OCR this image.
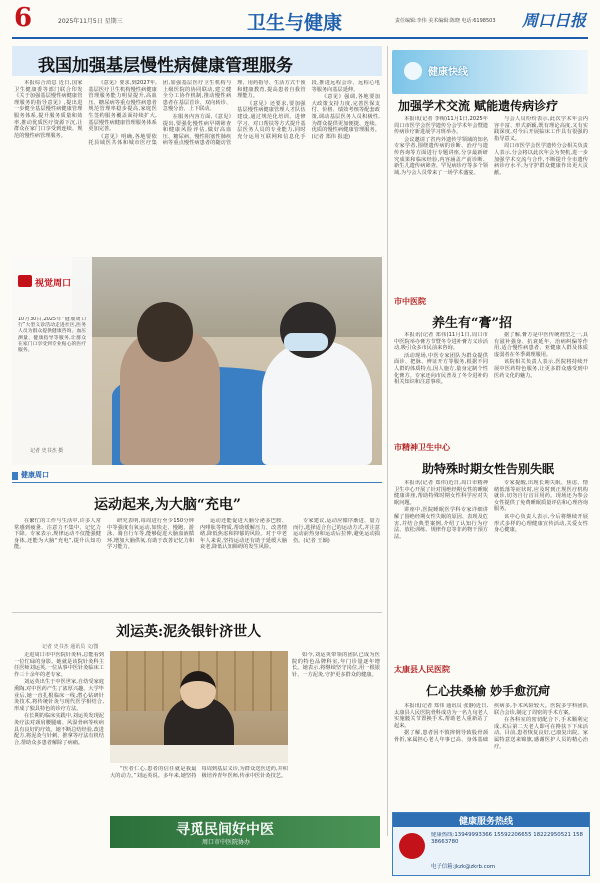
6	2025年11月5日 星期三	卫生与健康	责任编辑:李伟 美术编辑:陈晓 电话:6198503 周口日报
我国加强基层慢性病健康管理服务

本报综合消息 近日,国家卫生健康委等部门联合印发《关于加强基层慢性病健康管理服务的指导意见》,提出进一步健全基层慢性病健康管理服务体系,提升服务质量和效率,推动优质医疗资源下沉,让群众在家门口享受到连续、规范的慢性病管理服务。

《意见》要求,到2027年,基层医疗卫生机构慢性病健康管理服务能力明显提升,高血压、糖尿病等重点慢性病患者规范管理率稳步提高,家庭医生签约服务覆盖面持续扩大,基层慢性病健康管理服务体系更加完善。

《意见》明确,各地要依托县域医共体和城市医疗集团,加强基层医疗卫生机构与上级医院的协同联动,建立健全分工协作机制,推动慢性病患者在基层首诊、双向转诊、急慢分治、上下联动。

在服务内容方面,《意见》提出,要强化慢性病早期筛查和健康风险评估,做好高血压、糖尿病、慢性阻塞性肺疾病等重点慢性病患者的随访管理、用药指导、生活方式干预和健康教育,提高患者自我管理能力。

《意见》还要求,要加强基层慢性病健康管理人才队伍建设,通过规范化培训、进修学习、对口帮扶等方式提升基层医务人员的专业能力,同时充分运用互联网和信息化手段,推进远程会诊、远程心电等服务向基层延伸。

《意见》强调,各地要加大政策支持力度,完善医保支付、价格、绩效考核等配套政策,调动基层医务人员积极性,为群众提供更加便捷、连续、优质的慢性病健康管理服务。(记者 郑伟 报道)

视觉周口
10月30日,2025年“健康周口行”大型义诊活动走进社区,医务人员为群众提供健康咨询、血压测量、健康指导等服务,让群众在家门口享受到专业贴心的医疗服务。
记者 史书杰 摄
健康快线
加强学术交流 赋能遗传病诊疗

本报讯(记者 李梅)11月1日,2025年周口市医学会医学遗传分会学术年会暨遗传病诊疗新进展学习班举办。

会议邀请了省内外遗传学领域的知名专家学者,围绕遗传病的诊断、治疗与遗传咨询等方面进行专题讲座,分享最新研究成果和临床经验,内容涵盖产前诊断、新生儿遗传病筛查、罕见病诊疗等多个领域,为与会人员带来了一场学术盛宴。

与会人员纷纷表示,此次学术年会内容丰富、形式新颖,既有理论高度,又有实践深度,对今后开展临床工作具有很强的指导意义。

周口市医学会医学遗传分会相关负责人表示,分会将以此次年会为契机,进一步加强学术交流与合作,不断提升全市遗传病诊疗水平,为守护群众健康作出更大贡献。

市中医院
养生有“膏”招

本报讯(记者 郑伟)11月1日,周口市中医院举办膏方节暨冬令进补膏方义诊活动,吸引众多市民前来咨询。

活动现场,中医专家团队为群众提供面诊、把脉、辨证开方等服务,根据不同人群的体质特点,因人施方,量身定制个性化膏方。专家还向市民普及了冬令进补的相关知识和注意事项。

据了解,膏方是中医传统剂型之一,具有滋补强身、抗衰延年、治病纠偏等作用,适合慢性病患者、亚健康人群及体质虚弱者在冬季调理服用。

该院相关负责人表示,医院将持续开展中医药特色服务,让更多群众感受到中医药文化的魅力。

市精神卫生中心
助特殊时期女性告别失眠

本报讯(记者 郑伟)近日,周口市精神卫生中心开展了针对围绝经期女性的睡眠健康讲座,帮助特殊时期女性科学应对失眠问题。

讲座中,医院睡眠医学科专家详细讲解了围绝经期女性失眠的原因、表现及危害,并结合典型案例,介绍了认知行为疗法、放松训练、规律作息等非药物干预方法。

专家提醒,出现长期失眠、焦虑、情绪低落等症状时,应及时到正规医疗机构就诊,切勿自行盲目用药。现场还为参会女性提供了免费睡眠质量评估和心理咨询服务。

该中心负责人表示,今后将继续开展形式多样的心理健康宣传活动,关爱女性身心健康。

太康县人民医院
仁心扶桑榆 妙手愈沉疴

本报讯(记者 郑伟 通讯员 张静)近日,太康县人民医院骨科成功为一名九旬老人实施髋关节置换手术,帮助老人重新站了起来。

据了解,患者因不慎摔倒导致股骨颈骨折,家属担心老人年事已高、身体基础疾病多,手术风险较大。医院多学科团队联合会诊,制定了周密的手术方案。

在各科室的密切配合下,手术顺利完成,术后第二天老人即可在搀扶下下床活动。目前,患者恢复良好,已康复出院。家属特意送来锦旗,感谢医护人员的精心治疗。

健康服务热线
健康热线:13949993366 15592206655 18222950521 15838663780
电子信箱:jkzk@zkrb.com
健康周口
运动起来,为大脑“充电”

在繁忙的工作与生活中,许多人常常感到疲惫、注意力不集中、记忆力下降。专家表示,规律运动不仅能强健身体,还能为大脑“充电”,提升认知功能。

研究表明,每周进行至少150分钟中等强度有氧运动,如快走、慢跑、游泳、骑自行车等,能够促进大脑血液循环,增加大脑供氧,有助于改善记忆力和学习能力。

运动还能促进大脑分泌多巴胺、内啡肽等物质,帮助缓解压力、改善情绪,降低焦虑和抑郁的风险。对于中老年人来说,坚持运动还有助于延缓大脑衰老,降低认知障碍的发生风险。

专家建议,运动应循序渐进、量力而行,选择适合自己的运动方式,并注意运动前热身和运动后拉伸,避免运动损伤。(记者 王颖)

刘运英:泥灸银针济世人
记者 史书杰 通讯员 文/图

走进周口市中医院针灸科,总能看到一位忙碌的身影。她就是该院针灸科主任医师刘运英,一位从事中医针灸临床工作三十余年的老专家。

刘运英出生于中医世家,自幼受家庭熏陶,对中医药产生了浓厚兴趣。大学毕业后,她一直扎根临床一线,潜心钻研针灸技术,将传统针灸与现代医学相结合,形成了独具特色的诊疗方法。

在长期的临床实践中,刘运英发现泥灸疗法对颈肩腰腿痛、风湿骨病等疾病具有良好的疗效。她不断总结经验,改进配方,将泥灸与针刺、推拿等疗法有机结合,帮助众多患者解除了病痛。

“医者仁心,患者的信任就是我最大的动力。”刘运英说。多年来,她坚持每周到基层义诊,为群众送医送药,并积极培养青年医师,传承中医针灸技艺。

如今,刘运英带领的团队已成为医院的特色品牌科室,年门诊量逐年增长。她表示,将继续坚守岗位,用一根银针、一方泥灸,守护更多群众的健康。

寻觅民间好中医
周口市中医院协办
